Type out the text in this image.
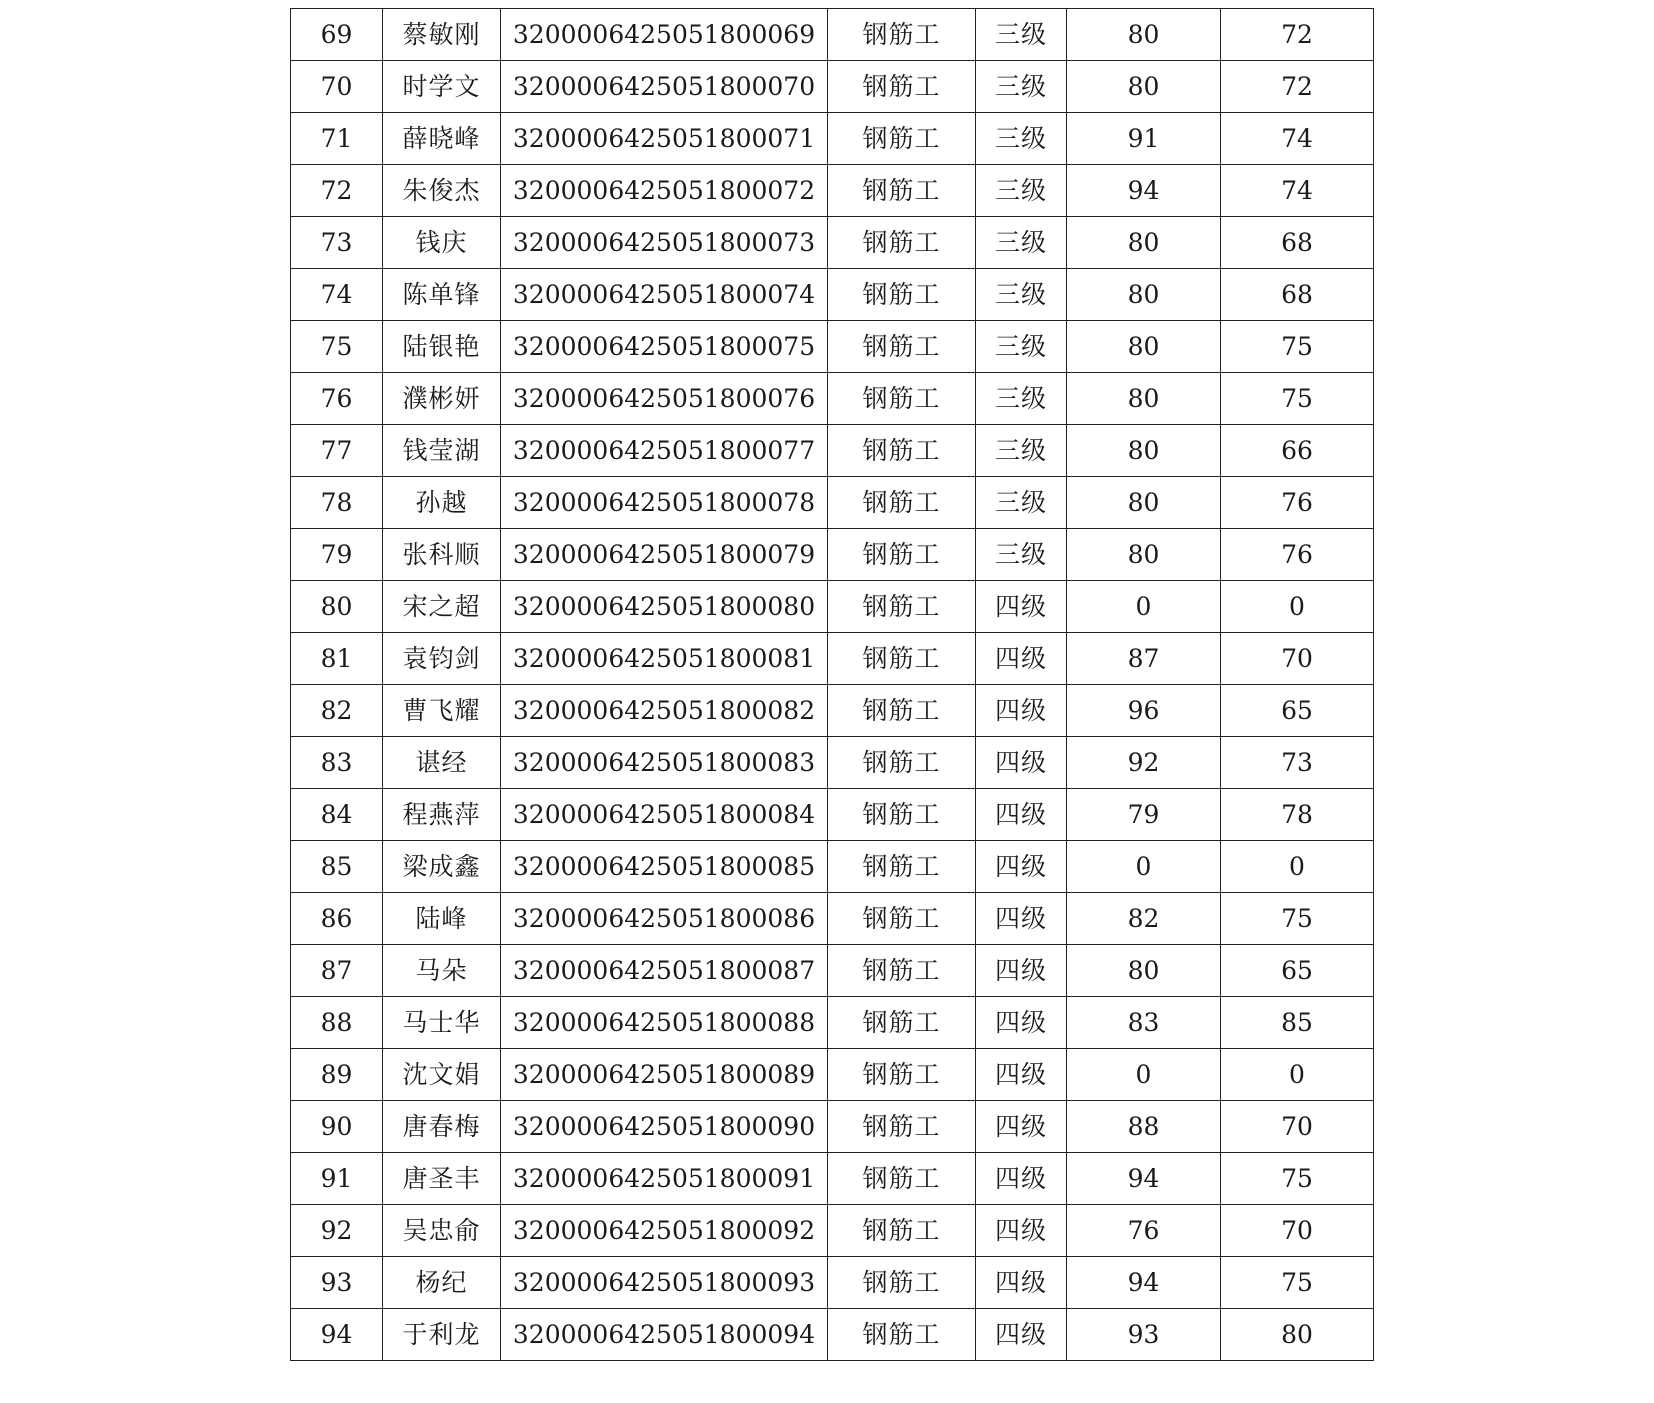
69	蔡敏刚	3200006425051800069	钢筋工	三级	80	72
70	时学文	3200006425051800070	钢筋工	三级	80	72
71	薛晓峰	3200006425051800071	钢筋工	三级	91	74
72	朱俊杰	3200006425051800072	钢筋工	三级	94	74
73	钱庆	3200006425051800073	钢筋工	三级	80	68
74	陈单锋	3200006425051800074	钢筋工	三级	80	68
75	陆银艳	3200006425051800075	钢筋工	三级	80	75
76	濮彬妍	3200006425051800076	钢筋工	三级	80	75
77	钱莹湖	3200006425051800077	钢筋工	三级	80	66
78	孙越	3200006425051800078	钢筋工	三级	80	76
79	张科顺	3200006425051800079	钢筋工	三级	80	76
80	宋之超	3200006425051800080	钢筋工	四级	0	0
81	袁钧剑	3200006425051800081	钢筋工	四级	87	70
82	曹飞耀	3200006425051800082	钢筋工	四级	96	65
83	谌经	3200006425051800083	钢筋工	四级	92	73
84	程燕萍	3200006425051800084	钢筋工	四级	79	78
85	梁成鑫	3200006425051800085	钢筋工	四级	0	0
86	陆峰	3200006425051800086	钢筋工	四级	82	75
87	马朵	3200006425051800087	钢筋工	四级	80	65
88	马士华	3200006425051800088	钢筋工	四级	83	85
89	沈文娟	3200006425051800089	钢筋工	四级	0	0
90	唐春梅	3200006425051800090	钢筋工	四级	88	70
91	唐圣丰	3200006425051800091	钢筋工	四级	94	75
92	吴忠俞	3200006425051800092	钢筋工	四级	76	70
93	杨纪	3200006425051800093	钢筋工	四级	94	75
94	于利龙	3200006425051800094	钢筋工	四级	93	80
